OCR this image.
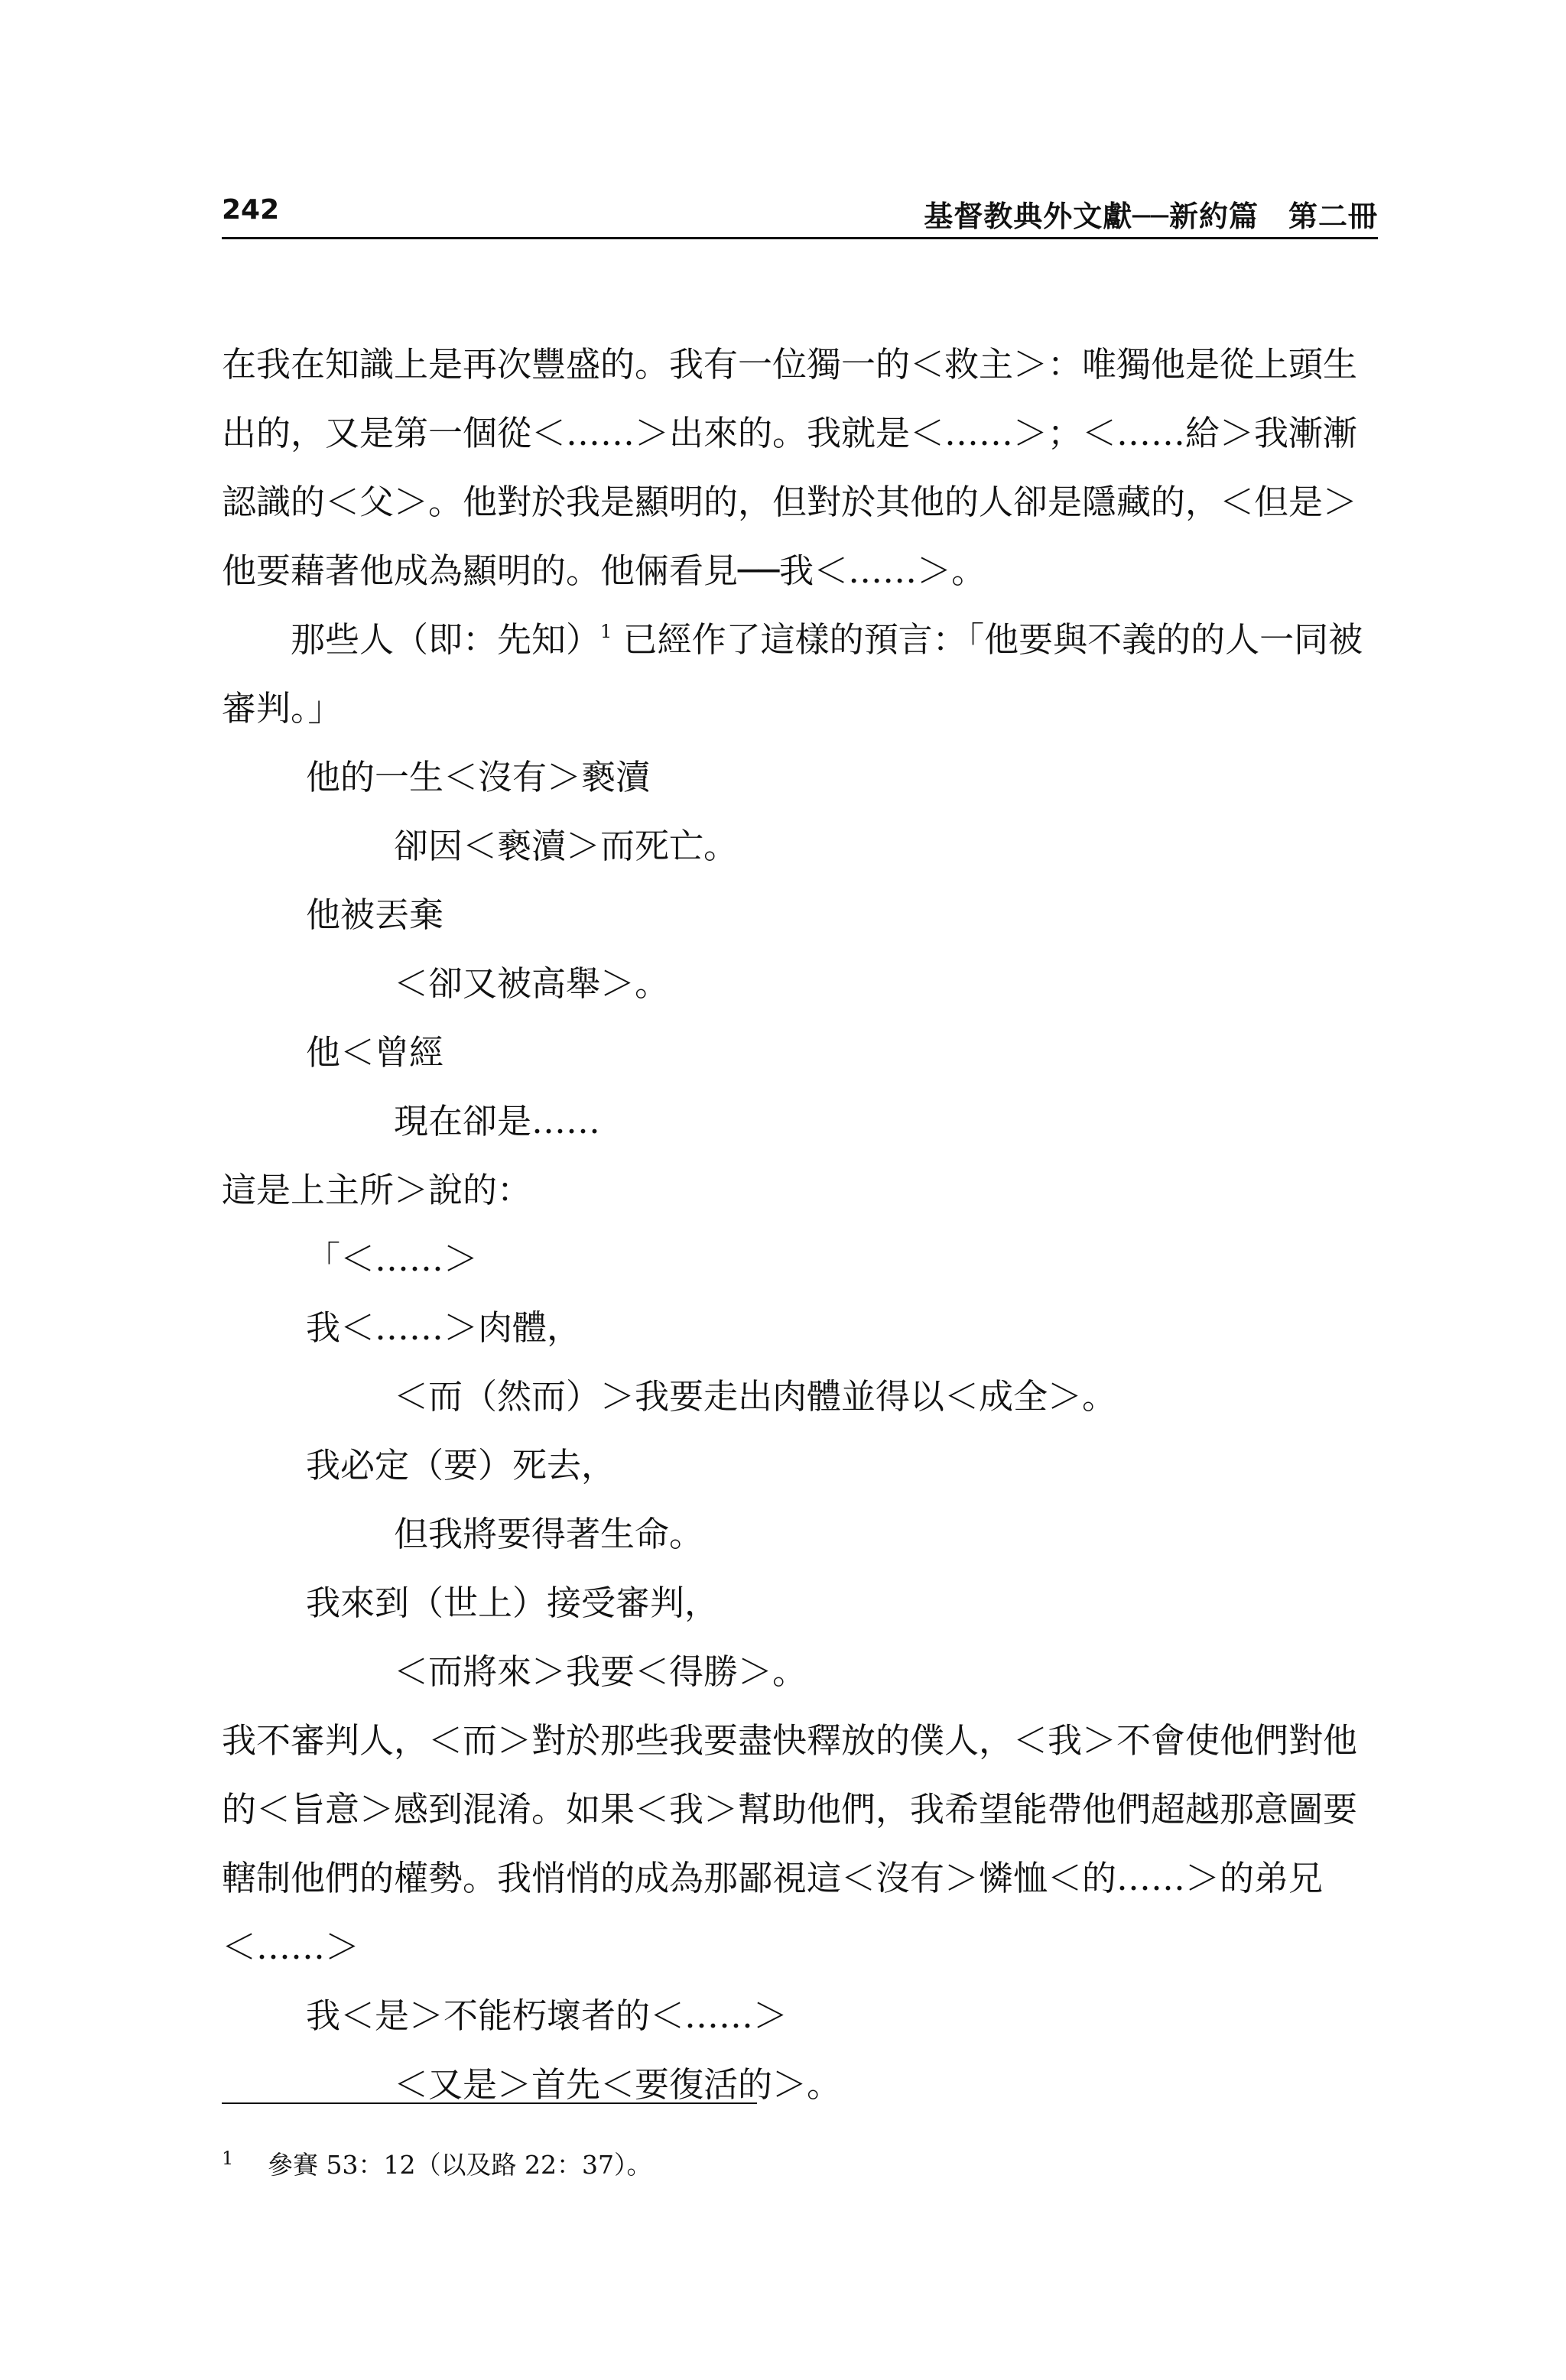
242	基督教典外文獻──新約篇　第二冊

在我在知識上是再次豐盛的。我有一位獨一的＜救主＞：唯獨他是從上頭生出的，又是第一個從＜……＞出來的。我就是＜……＞；＜……給＞我漸漸認識的＜父＞。他對於我是顯明的，但對於其他的人卻是隱藏的，＜但是＞他要藉著他成為顯明的。他倆看見──我＜……＞。

那些人（即：先知）$^1$ 已經作了這樣的預言：「他要與不義的的人一同被審判。」

他的一生＜沒有＞褻瀆

卻因＜褻瀆＞而死亡。

他被丟棄

＜卻又被高舉＞。

他＜曾經

現在卻是……

這是上主所＞說的：

「＜……＞

我＜……＞肉體，

＜而（然而）＞我要走出肉體並得以＜成全＞。

我必定（要）死去，

但我將要得著生命。

我來到（世上）接受審判，

＜而將來＞我要＜得勝＞。

我不審判人，＜而＞對於那些我要盡快釋放的僕人，＜我＞不會使他們對他的＜旨意＞感到混淆。如果＜我＞幫助他們，我希望能帶他們超越那意圖要轄制他們的權勢。我悄悄的成為那鄙視這＜沒有＞憐恤＜的……＞的弟兄＜……＞

我＜是＞不能朽壞者的＜……＞

＜又是＞首先＜要復活的＞。

1 參賽 53：12（以及路 22：37）。
